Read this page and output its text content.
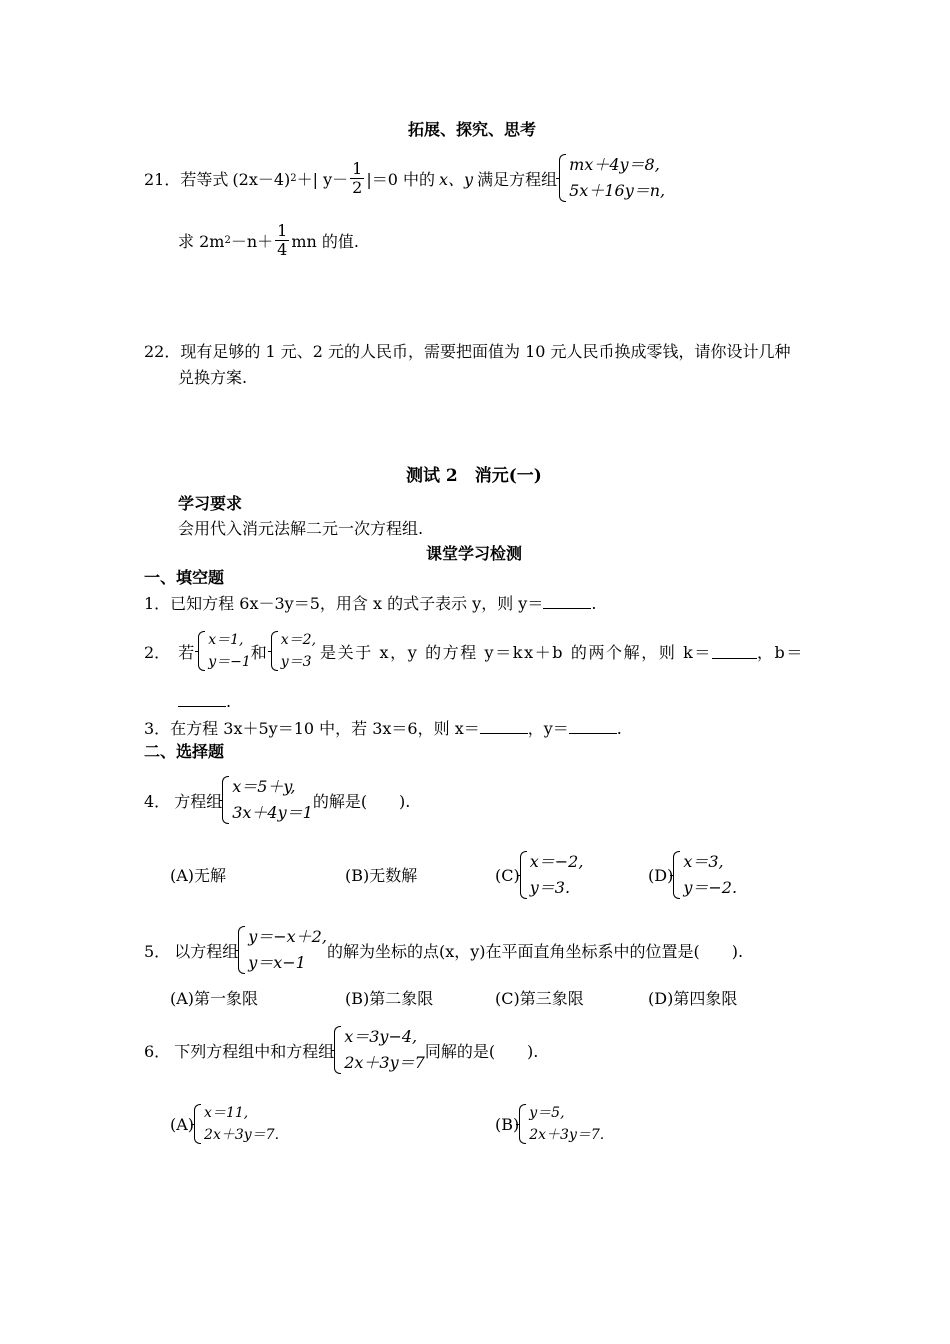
拓展、探究、思考
21． 若等式 (2x－4) 2 ＋| $y- \frac{1}{2} |=0$ 中的 x、y 满足方程组
mx＋4y＝8,
5x＋16y＝n,
求 2m $2 -n+ \frac{1}{4}$ mn 的值.
22．现有足够的 1 元、2 元的人民币，需要把面值为 10 元人民币换成零钱，请你设计几种
兑换方案.
测试 2　消元(一)
学习要求
会用代入消元法解二元一次方程组.
课堂学习检测
一、填空题
1．已知方程 6x－3y＝5，用含 x 的式子表示 y，则 y＝	.
2． 若
x＝1,
y＝−1
和
x＝2,
y＝3
是关于 x，y 的方程 y＝kx＋b 的两个解，则 k＝	，b＝
.
3．在方程 3x＋5y＝10 中，若 3x＝6，则 x＝	，y＝	.
二、选择题
4． 方程组
x＝5＋y,
3x＋4y＝1
的解是(　　).
(A)无解	(B)无数解	(C)
x＝−2,
y＝3.
(D)
x＝3,
y＝−2.
5． 以方程组
y＝−x＋2,
y＝x−1
的解为坐标的点(x，y)在平面直角坐标系中的位置是(　　).
(A)第一象限	(B)第二象限	(C)第三象限	(D)第四象限
6． 下列方程组中和方程组
x＝3y−4,
2x＋3y＝7
同解的是(　　).
(A)
x＝11,
2x＋3y＝7.
(B)
y＝5,
2x＋3y＝7.
